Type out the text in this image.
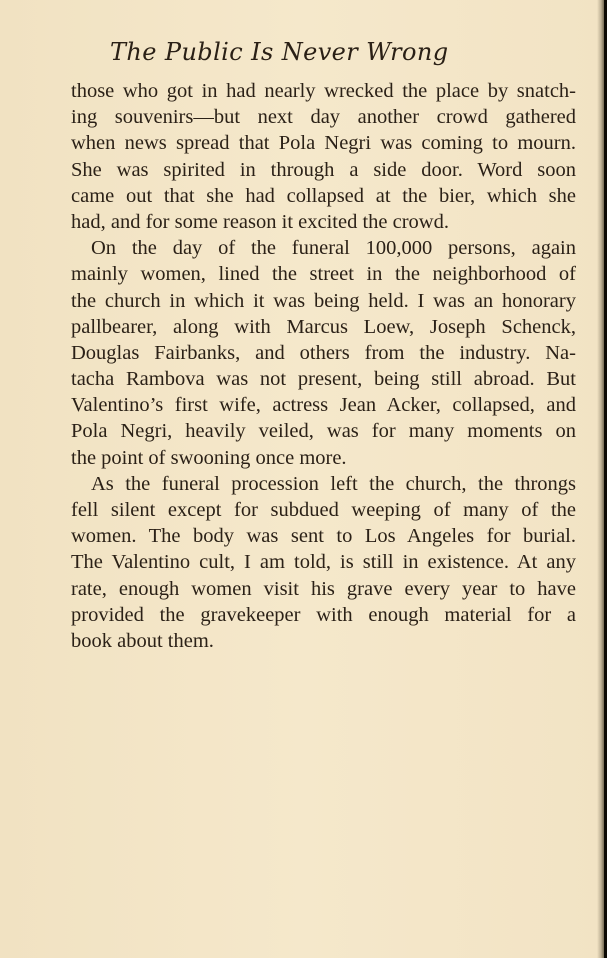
The Public Is Never Wrong

those who got in had nearly wrecked the place by snatch-
ing souvenirs—but next day another crowd gathered
when news spread that Pola Negri was coming to mourn.
She was spirited in through a side door. Word soon
came out that she had collapsed at the bier, which she
had, and for some reason it excited the crowd.

On the day of the funeral 100,000 persons, again
mainly women, lined the street in the neighborhood of
the church in which it was being held. I was an honorary
pallbearer, along with Marcus Loew, Joseph Schenck,
Douglas Fairbanks, and others from the industry. Na-
tacha Rambova was not present, being still abroad. But
Valentino’s first wife, actress Jean Acker, collapsed, and
Pola Negri, heavily veiled, was for many moments on
the point of swooning once more.

As the funeral procession left the church, the throngs
fell silent except for subdued weeping of many of the
women. The body was sent to Los Angeles for burial.
The Valentino cult, I am told, is still in existence. At any
rate, enough women visit his grave every year to have
provided the gravekeeper with enough material for a
book about them.
